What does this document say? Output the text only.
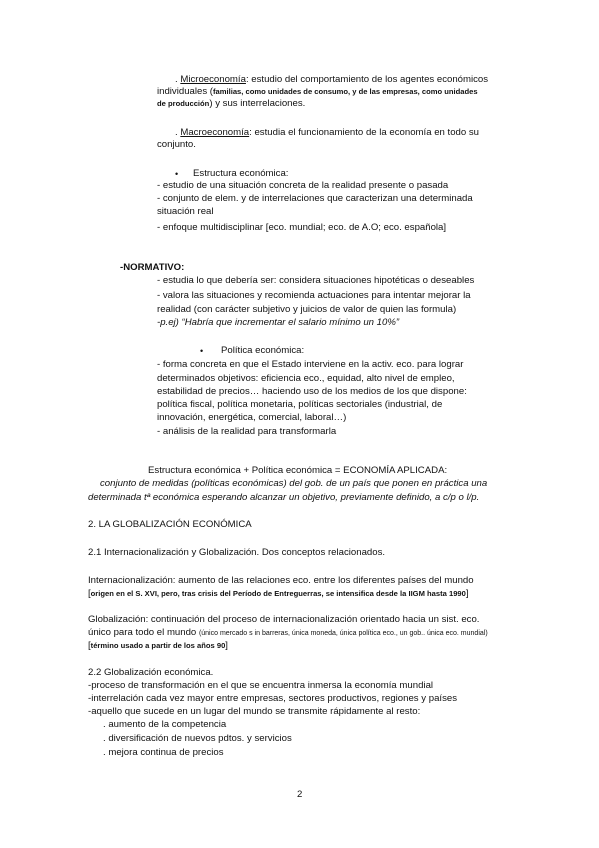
. Microeconomía: estudio del comportamiento de los agentes económicos
individuales (familias, como unidades de consumo, y de las empresas, como unidades
de producción) y sus interrelaciones.
. Macroeconomía: estudia el funcionamiento de la economía en todo su
conjunto.
• Estructura económica:
- estudio de una situación concreta de la realidad presente o pasada
- conjunto de elem. y de interrelaciones que caracterizan una determinada
situación real
- enfoque multidisciplinar [eco. mundial; eco. de A.O; eco. española]
-NORMATIVO:
- estudia lo que debería ser: considera situaciones hipotéticas o deseables
- valora las situaciones y recomienda actuaciones para intentar mejorar la
realidad (con carácter subjetivo y juicios de valor de quien las formula)
-p.ej) “Habría que incrementar el salario mínimo un 10%”
• Política económica:
- forma concreta en que el Estado interviene en la activ. eco. para lograr
determinados objetivos: eficiencia eco., equidad, alto nivel de empleo,
estabilidad de precios… haciendo uso de los medios de los que dispone:
política fiscal, política monetaria, políticas sectoriales (industrial, de
innovación, energética, comercial, laboral…)
- análisis de la realidad para transformarla
Estructura económica + Política económica = ECONOMÍA APLICADA:
conjunto de medidas (políticas económicas) del gob. de un país que ponen en práctica una
determinada tª económica esperando alcanzar un objetivo, previamente definido, a c/p o l/p.
2. LA GLOBALIZACIÓN ECONÓMICA
2.1 Internacionalización y Globalización. Dos conceptos relacionados.
Internacionalización: aumento de las relaciones eco. entre los diferentes países del mundo
[origen en el S. XVI, pero, tras crisis del Período de Entreguerras, se intensifica desde la IIGM hasta 1990]
Globalización: continuación del proceso de internacionalización orientado hacia un sist. eco.
único para todo el mundo (único mercado s in barreras, única moneda, única política eco., un gob.. única eco. mundial)
[término usado a partir de los años 90]
2.2 Globalización económica.
-proceso de transformación en el que se encuentra inmersa la economía mundial
-interrelación cada vez mayor entre empresas, sectores productivos, regiones y países
-aquello que sucede en un lugar del mundo se transmite rápidamente al resto:
. aumento de la competencia
. diversificación de nuevos pdtos. y servicios
. mejora continua de precios
2
